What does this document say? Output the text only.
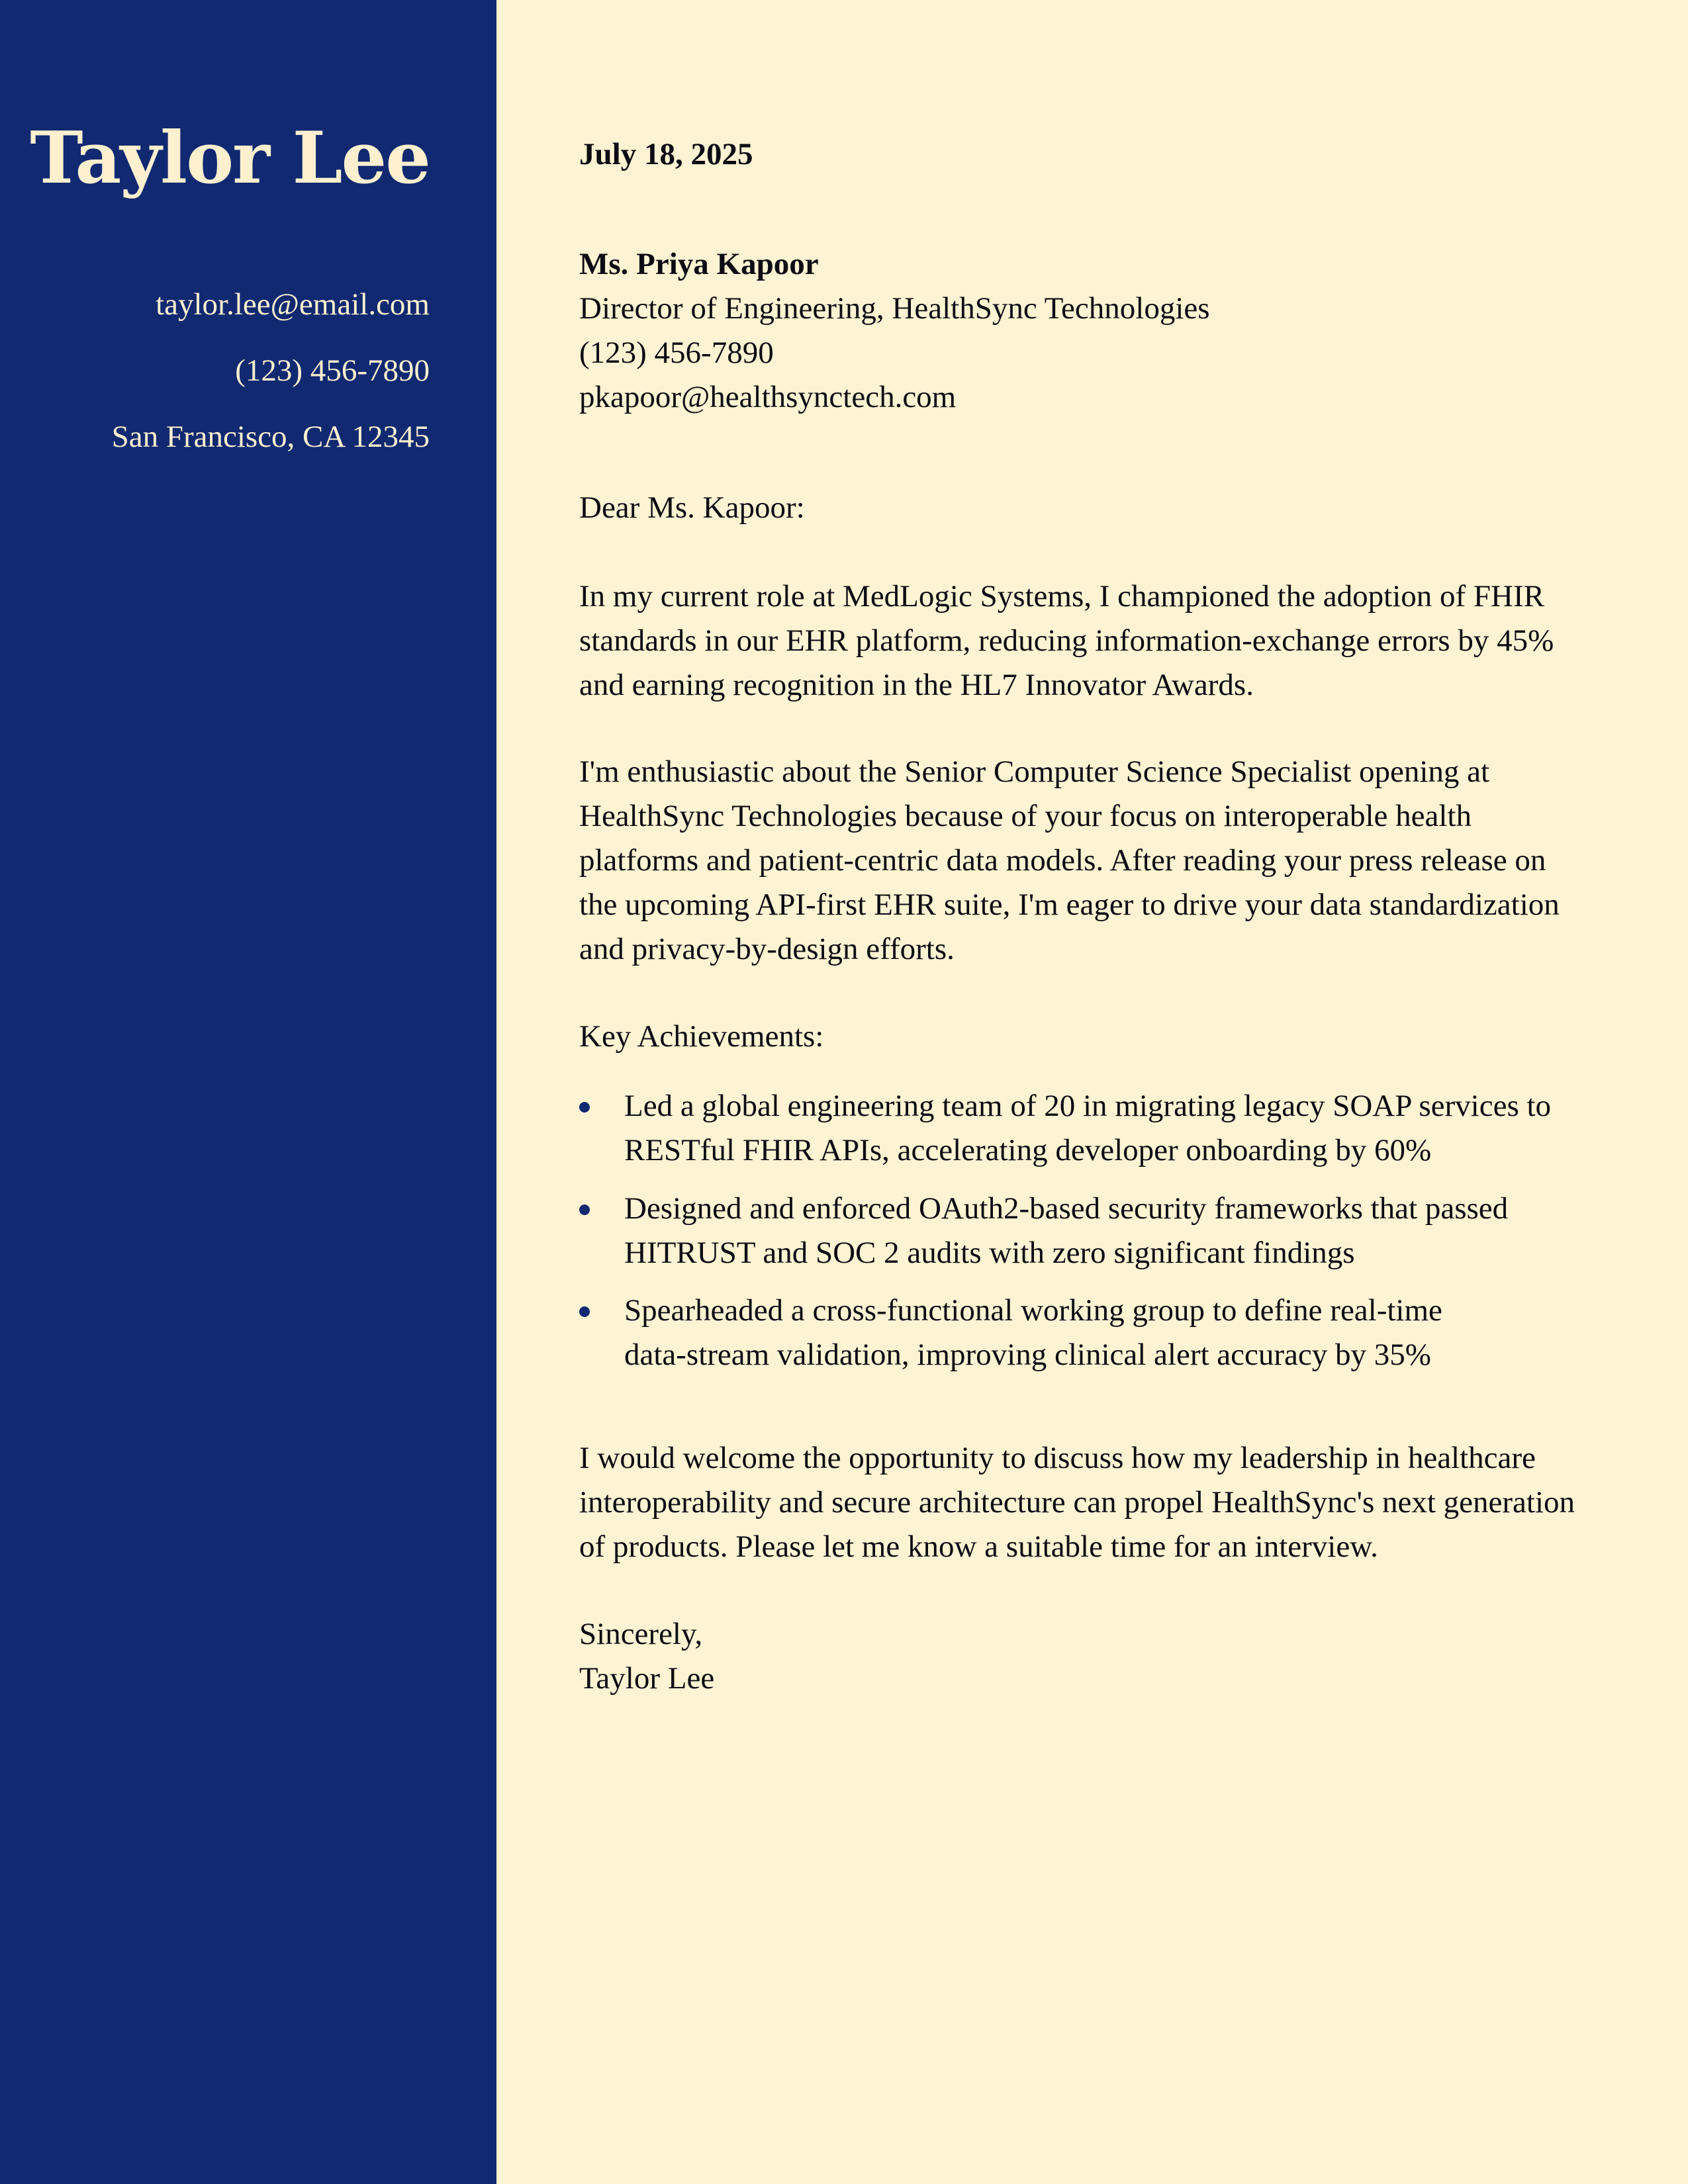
Taylor Lee
taylor.lee@email.com
(123) 456-7890
San Francisco, CA 12345
July 18, 2025
Ms. Priya Kapoor
Director of Engineering, HealthSync Technologies
(123) 456-7890
pkapoor@healthsynctech.com
Dear Ms. Kapoor:
In my current role at MedLogic Systems, I championed the adoption of FHIR
standards in our EHR platform, reducing information-exchange errors by 45%
and earning recognition in the HL7 Innovator Awards.
I'm enthusiastic about the Senior Computer Science Specialist opening at
HealthSync Technologies because of your focus on interoperable health
platforms and patient-centric data models. After reading your press release on
the upcoming API-first EHR suite, I'm eager to drive your data standardization
and privacy-by-design efforts.
Key Achievements:
Led a global engineering team of 20 in migrating legacy SOAP services to
RESTful FHIR APIs, accelerating developer onboarding by 60%
Designed and enforced OAuth2-based security frameworks that passed
HITRUST and SOC 2 audits with zero significant findings
Spearheaded a cross-functional working group to define real-time
data-stream validation, improving clinical alert accuracy by 35%
I would welcome the opportunity to discuss how my leadership in healthcare
interoperability and secure architecture can propel HealthSync's next generation
of products. Please let me know a suitable time for an interview.
Sincerely,
Taylor Lee
